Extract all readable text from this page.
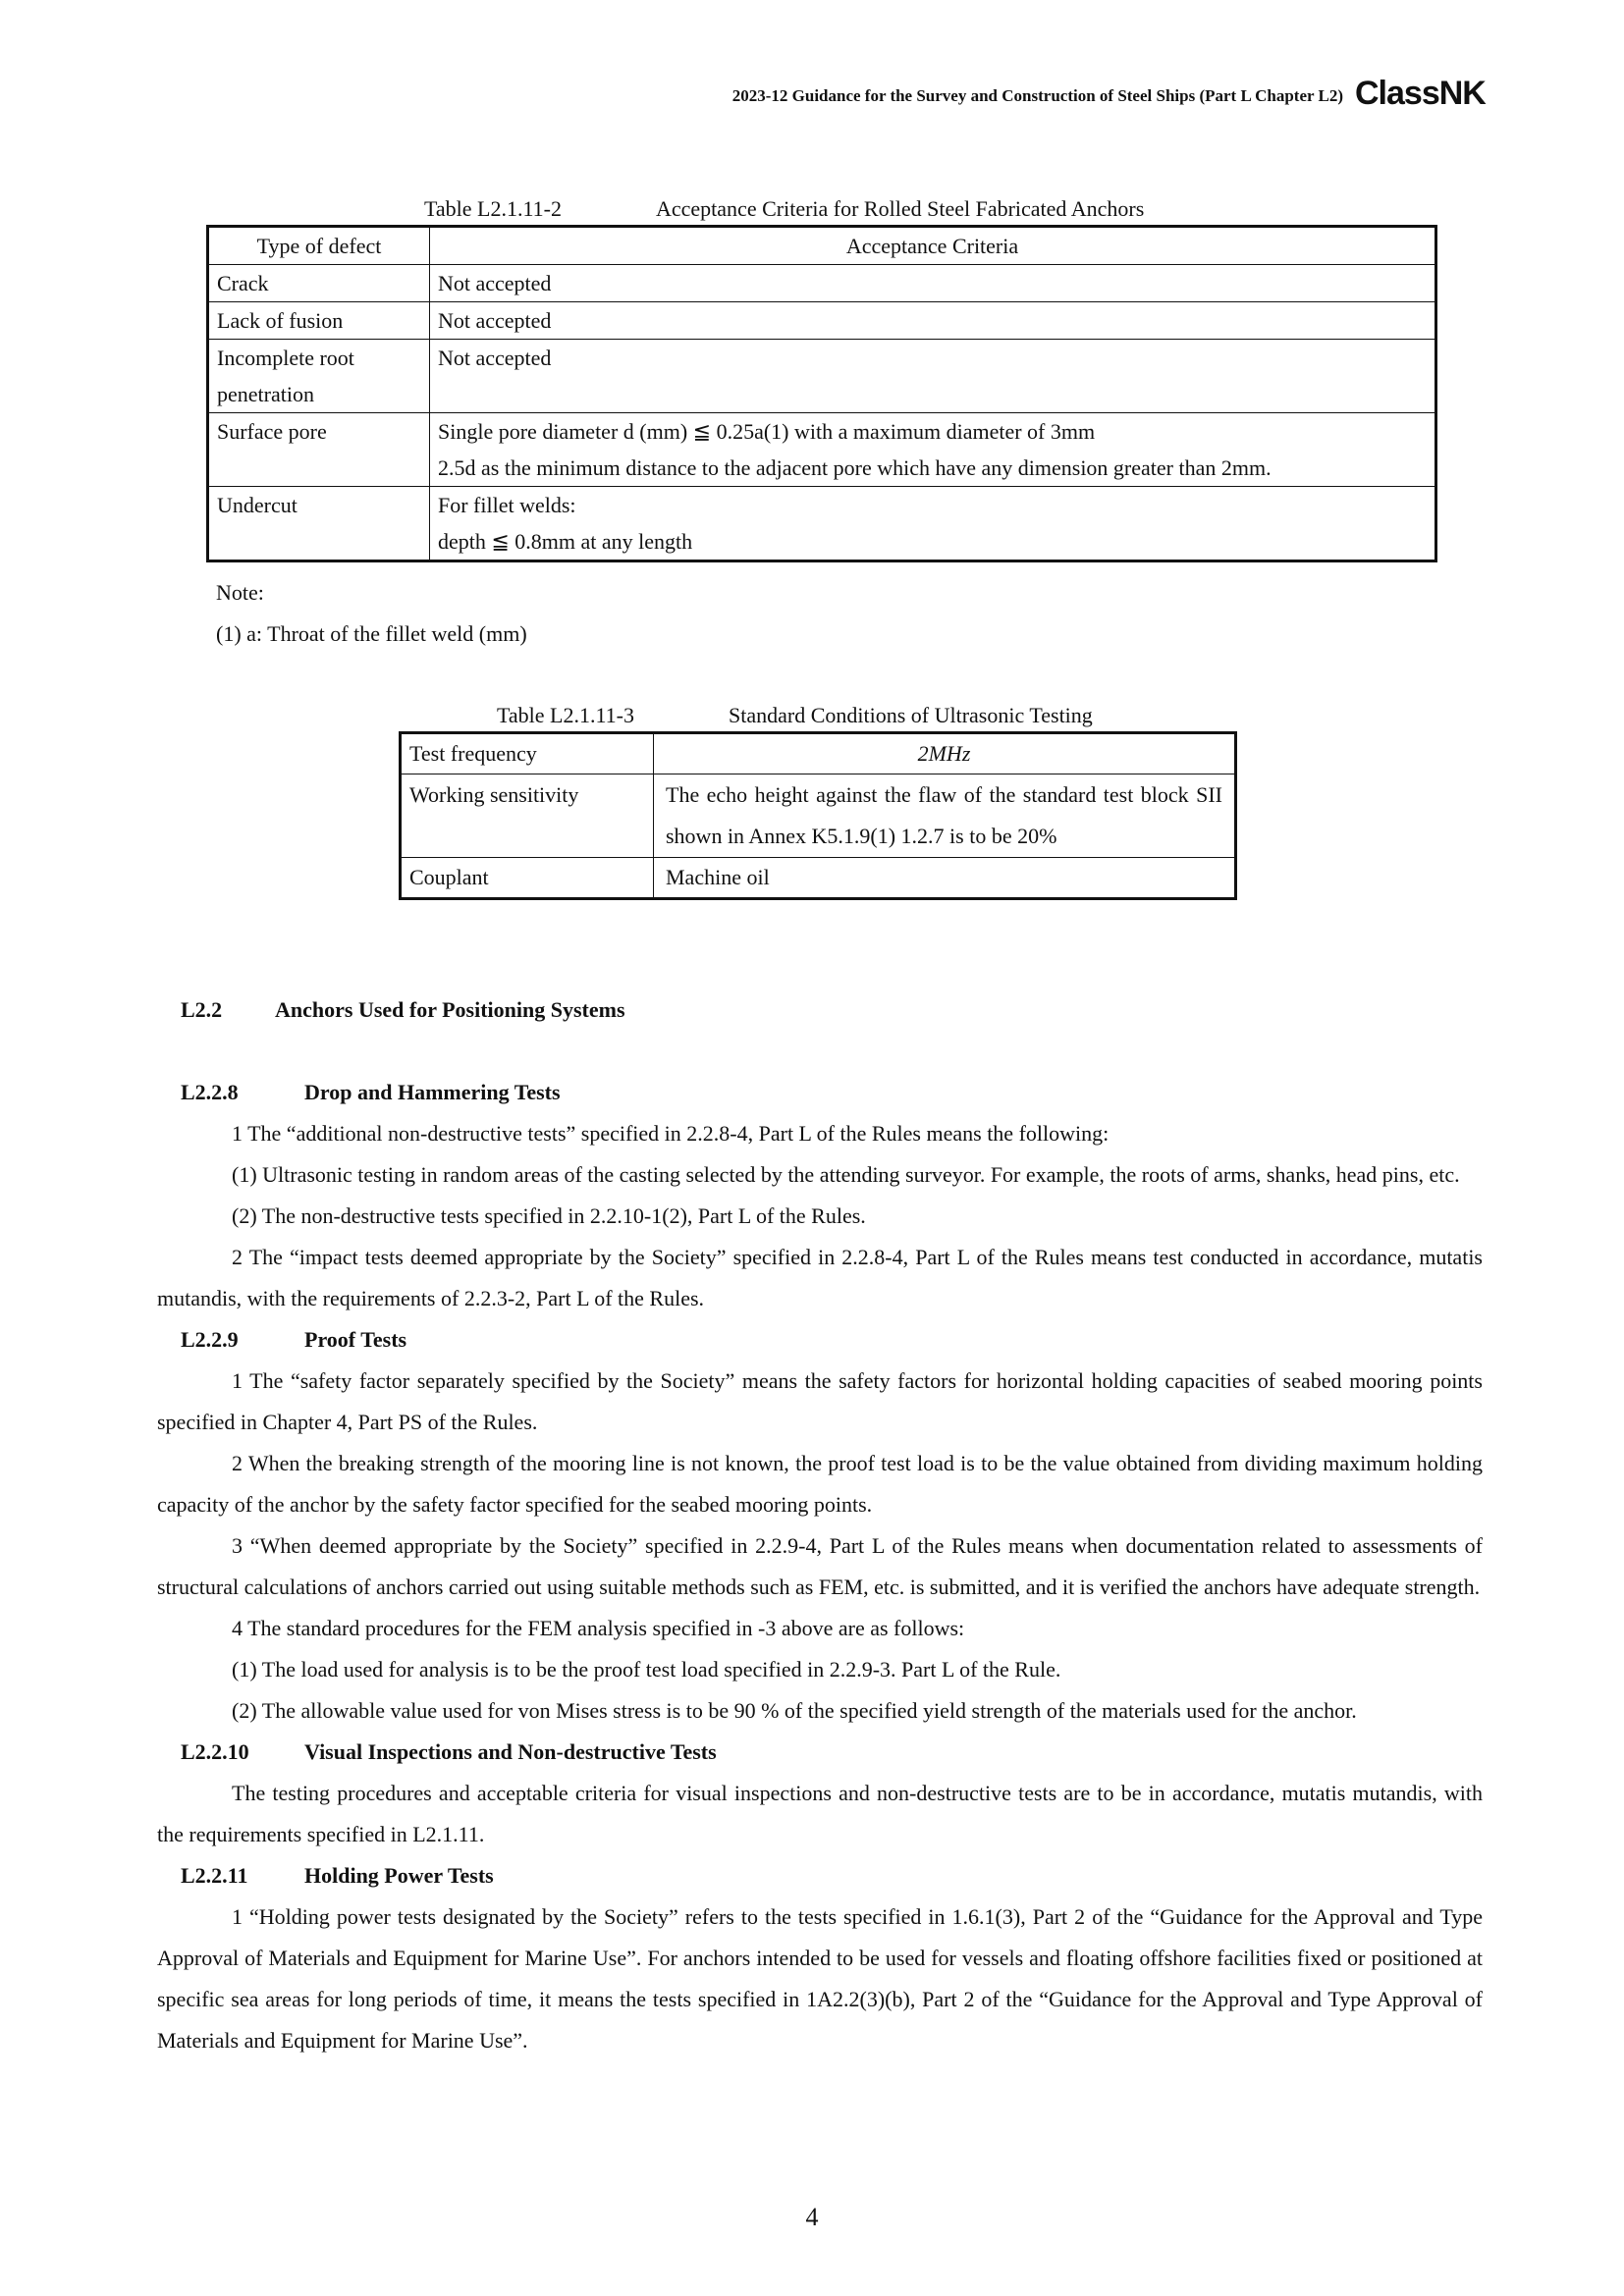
2023-12 Guidance for the Survey and Construction of Steel Ships (Part L Chapter L2) ClassNK
Table L2.1.11-2	Acceptance Criteria for Rolled Steel Fabricated Anchors
Type of defect	Acceptance Criteria
Crack	Not accepted
Lack of fusion	Not accepted
Incomplete root penetration	Not accepted
Surface pore	Single pore diameter d (mm) ≦ 0.25a(1) with a maximum diameter of 3mm
2.5d as the minimum distance to the adjacent pore which have any dimension greater than 2mm.

Undercut	For fillet welds:
depth ≦ 0.8mm at any length
Note:
(1) a: Throat of the fillet weld (mm)
Table L2.1.11-3	Standard Conditions of Ultrasonic Testing
Test frequency	2MHz
Working sensitivity	The echo height against the flaw of the standard test block SII shown in Annex K5.1.9(1) 1.2.7 is to be 20%
Couplant	Machine oil

L2.2 Anchors Used for Positioning Systems

L2.2.8	Drop and Hammering Tests

1 The “additional non-destructive tests” specified in 2.2.8-4, Part L of the Rules means the following:

(1) Ultrasonic testing in random areas of the casting selected by the attending surveyor. For example, the roots of arms, shanks, head pins, etc.

(2) The non-destructive tests specified in 2.2.10-1(2), Part L of the Rules.

2 The “impact tests deemed appropriate by the Society” specified in 2.2.8-4, Part L of the Rules means test conducted in accordance, mutatis mutandis, with the requirements of 2.2.3-2, Part L of the Rules.

L2.2.9	Proof Tests

1 The “safety factor separately specified by the Society” means the safety factors for horizontal holding capacities of seabed mooring points specified in Chapter 4, Part PS of the Rules.

2 When the breaking strength of the mooring line is not known, the proof test load is to be the value obtained from dividing maximum holding capacity of the anchor by the safety factor specified for the seabed mooring points.

3 “When deemed appropriate by the Society” specified in 2.2.9-4, Part L of the Rules means when documentation related to assessments of structural calculations of anchors carried out using suitable methods such as FEM, etc. is submitted, and it is verified the anchors have adequate strength.

4 The standard procedures for the FEM analysis specified in -3 above are as follows:

(1) The load used for analysis is to be the proof test load specified in 2.2.9-3. Part L of the Rule.

(2) The allowable value used for von Mises stress is to be 90 % of the specified yield strength of the materials used for the anchor.

L2.2.10	Visual Inspections and Non-destructive Tests

The testing procedures and acceptable criteria for visual inspections and non-destructive tests are to be in accordance, mutatis mutandis, with the requirements specified in L2.1.11.

L2.2.11	Holding Power Tests

1 “Holding power tests designated by the Society” refers to the tests specified in 1.6.1(3), Part 2 of the “Guidance for the Approval and Type Approval of Materials and Equipment for Marine Use”. For anchors intended to be used for vessels and floating offshore facilities fixed or positioned at specific sea areas for long periods of time, it means the tests specified in 1A2.2(3)(b), Part 2 of the “Guidance for the Approval and Type Approval of Materials and Equipment for Marine Use”.

4
